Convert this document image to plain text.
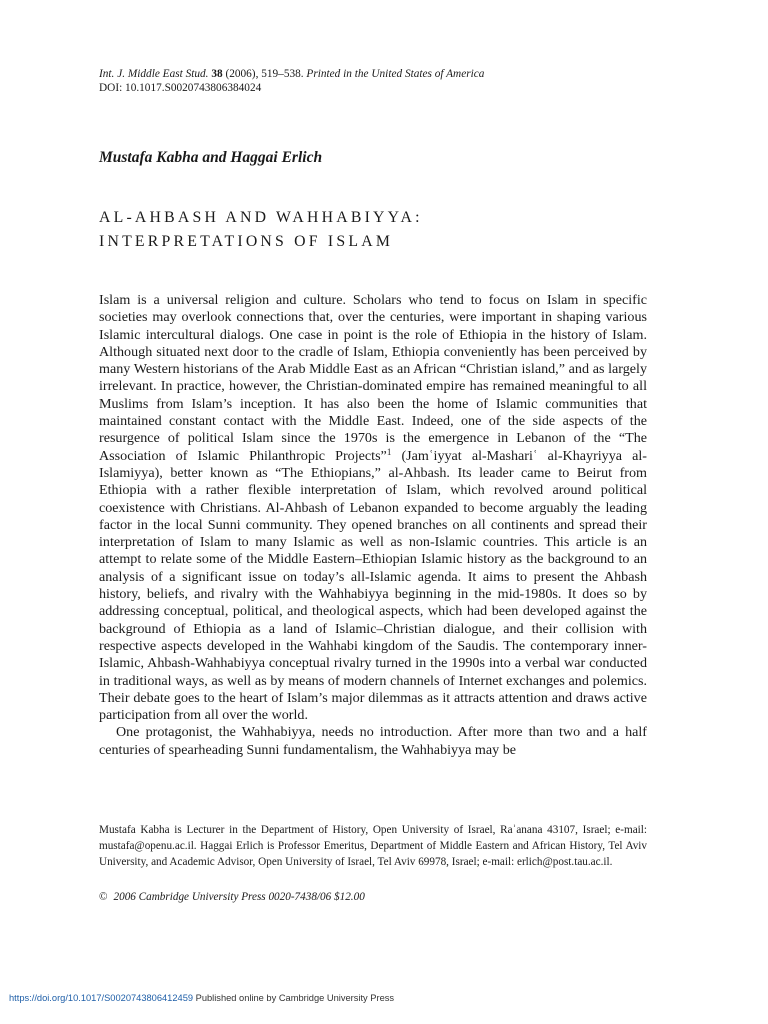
Int. J. Middle East Stud. 38 (2006), 519–538. Printed in the United States of America
DOI: 10.1017.S0020743806384024
Mustafa Kabha and Haggai Erlich
AL-AHBASH AND WAHHABIYYA:
INTERPRETATIONS OF ISLAM

Islam is a universal religion and culture. Scholars who tend to focus on Islam in specific societies may overlook connections that, over the centuries, were important in shaping various Islamic intercultural dialogs. One case in point is the role of Ethiopia in the history of Islam. Although situated next door to the cradle of Islam, Ethiopia conveniently has been perceived by many Western historians of the Arab Middle East as an African “Christian island,” and as largely irrelevant. In practice, however, the Christian-dominated empire has remained meaningful to all Muslims from Islam’s inception. It has also been the home of Islamic communities that maintained constant contact with the Middle East. Indeed, one of the side aspects of the resurgence of political Islam since the 1970s is the emergence in Lebanon of the “The Association of Islamic Philanthropic Projects”$^1$ (Jamʿiyyat al-Mashariʿ al-Khayriyya al-Islamiyya), better known as “The Ethiopians,” al-Ahbash. Its leader came to Beirut from Ethiopia with a rather flexible interpretation of Islam, which revolved around political coexistence with Christians. Al-Ahbash of Lebanon expanded to become arguably the leading factor in the local Sunni community. They opened branches on all continents and spread their interpretation of Islam to many Islamic as well as non-Islamic countries. This article is an attempt to relate some of the Middle Eastern–Ethiopian Islamic history as the background to an analysis of a significant issue on today’s all-Islamic agenda. It aims to present the Ahbash history, beliefs, and rivalry with the Wahhabiyya beginning in the mid-1980s. It does so by addressing conceptual, political, and theological aspects, which had been developed against the background of Ethiopia as a land of Islamic–Christian dialogue, and their collision with respective aspects developed in the Wahhabi kingdom of the Saudis. The contemporary inner-Islamic, Ahbash-Wahhabiyya conceptual rivalry turned in the 1990s into a verbal war conducted in traditional ways, as well as by means of modern channels of Internet exchanges and polemics. Their debate goes to the heart of Islam’s major dilemmas as it attracts attention and draws active participation from all over the world.

One protagonist, the Wahhabiyya, needs no introduction. After more than two and a half centuries of spearheading Sunni fundamentalism, the Wahhabiyya may be

Mustafa Kabha is Lecturer in the Department of History, Open University of Israel, Raʾanana 43107, Israel; e-mail: mustafa@openu.ac.il. Haggai Erlich is Professor Emeritus, Department of Middle Eastern and African History, Tel Aviv University, and Academic Advisor, Open University of Israel, Tel Aviv 69978, Israel; e-mail: erlich@post.tau.ac.il.
© 2006 Cambridge University Press 0020-7438/06 $12.00
https://doi.org/10.1017/S0020743806412459 Published online by Cambridge University Press
